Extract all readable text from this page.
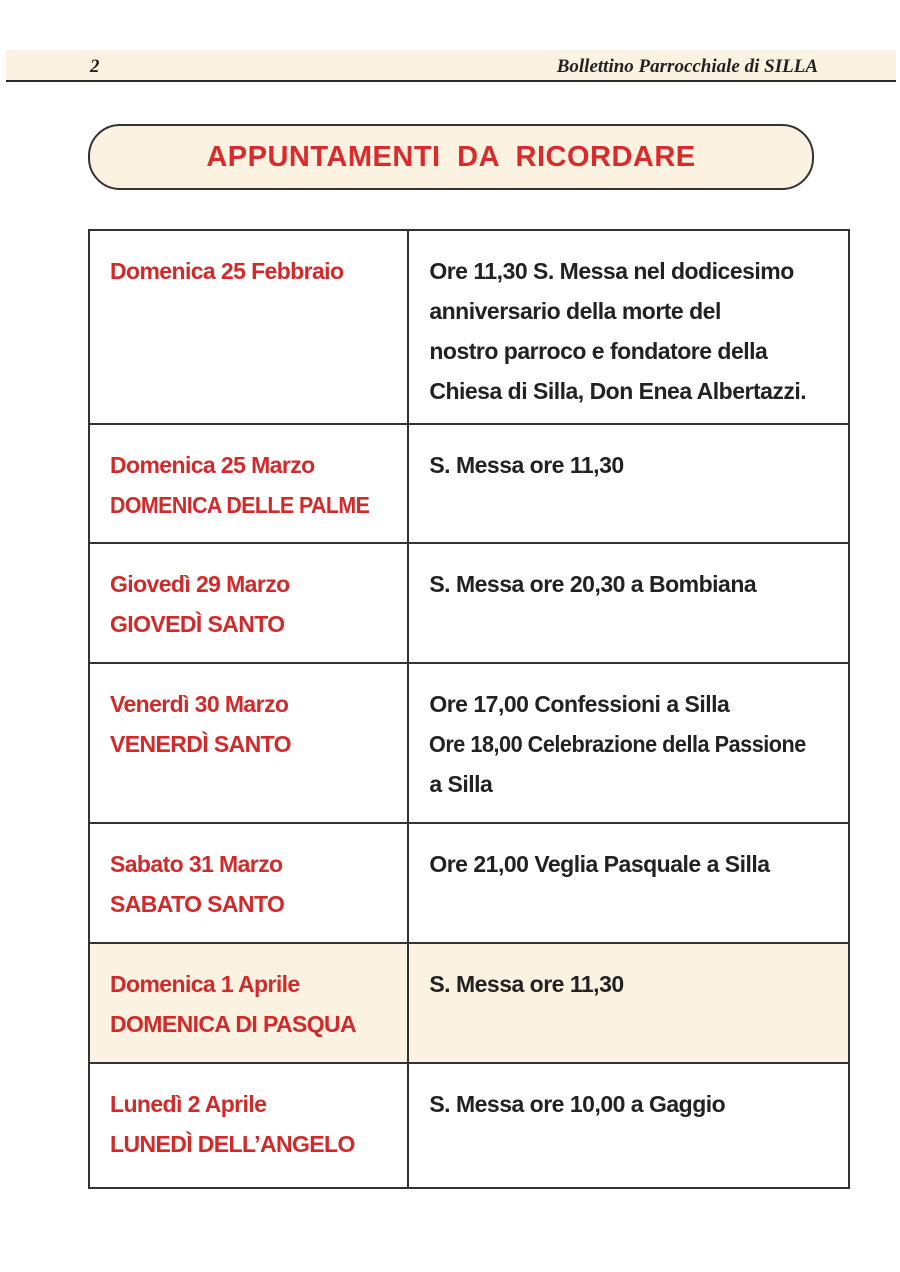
2	Bollettino Parrocchiale di SILLA
APPUNTAMENTI DA RICORDARE
Domenica 25 Febbraio	Ore 11,30 S. Messa nel dodicesimo
anniversario della morte del
nostro parroco e fondatore della
Chiesa di Silla, Don Enea Albertazzi.

Domenica 25 Marzo
DOMENICA DELLE PALME	S. Messa ore 11,30

Giovedì 29 Marzo
GIOVEDÌ SANTO	S. Messa ore 20,30 a Bombiana

Venerdì 30 Marzo
VENERDÌ SANTO	Ore 17,00 Confessioni a Silla
Ore 18,00 Celebrazione della Passione
a Silla

Sabato 31 Marzo
SABATO SANTO	Ore 21,00 Veglia Pasquale a Silla

Domenica 1 Aprile
DOMENICA DI PASQUA	S. Messa ore 11,30

Lunedì 2 Aprile
LUNEDÌ DELL’ANGELO	S. Messa ore 10,00 a Gaggio
